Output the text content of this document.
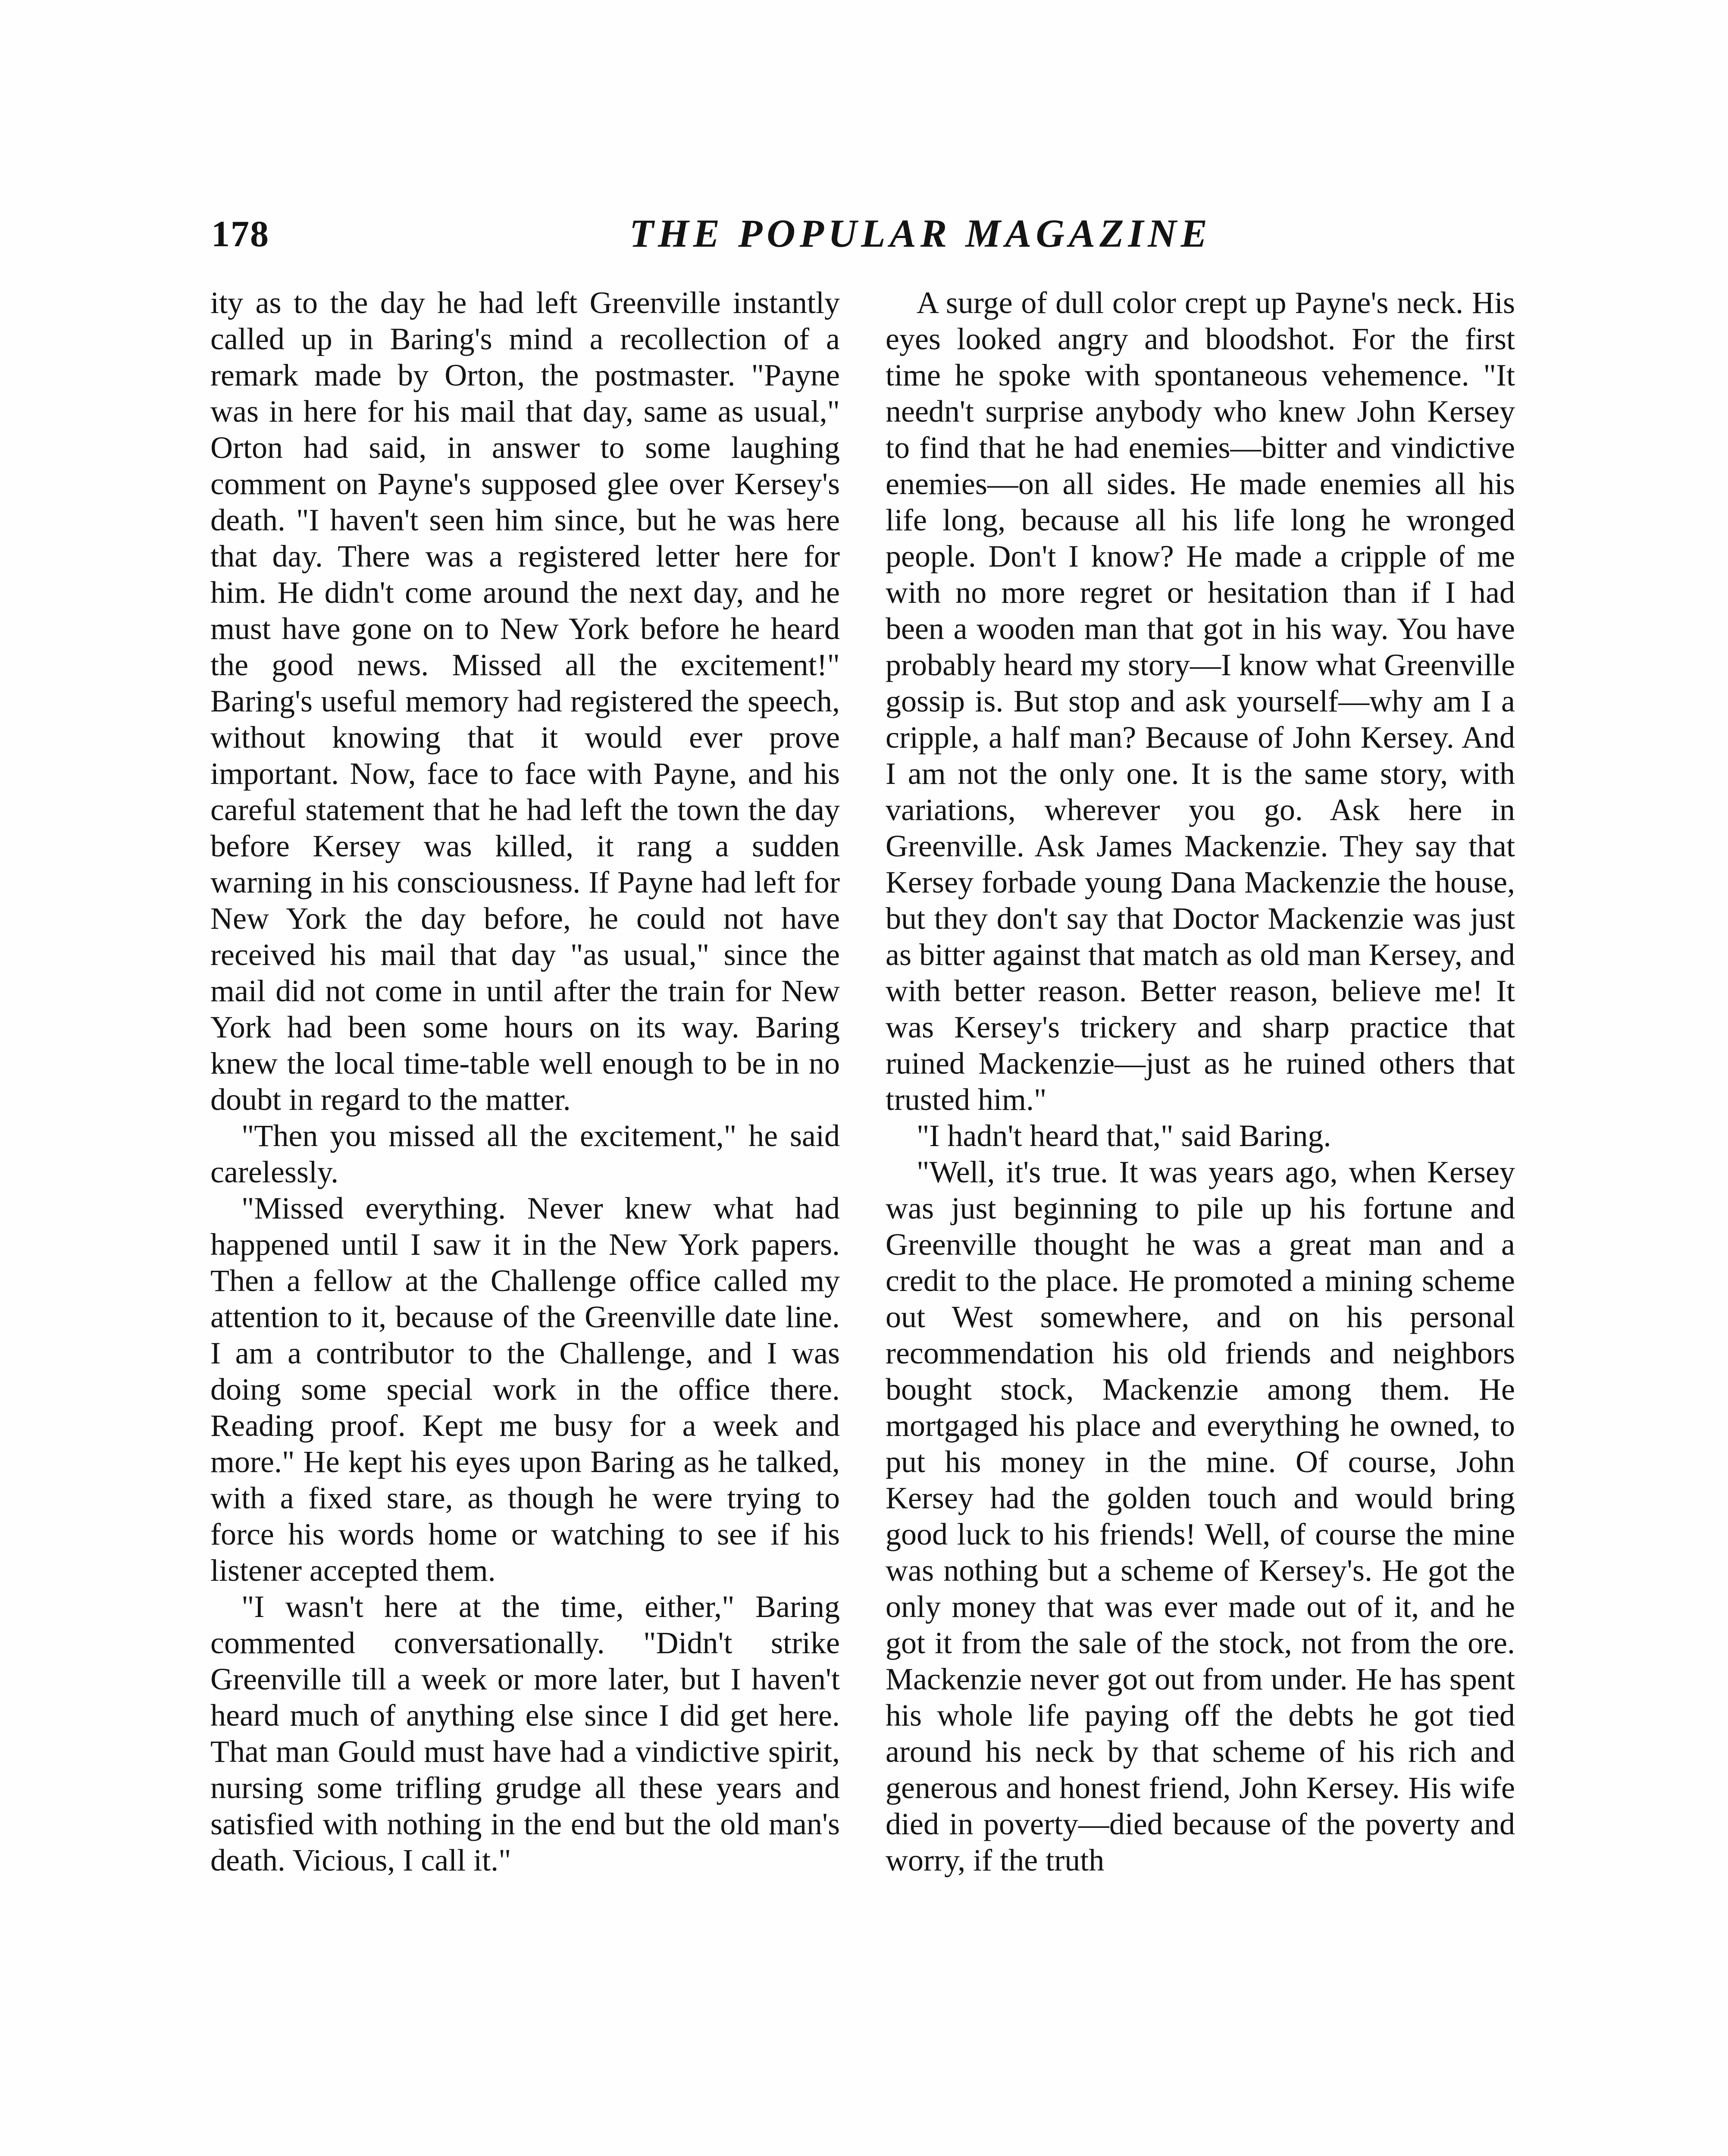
178	THE POPULAR MAGAZINE

ity as to the day he had left Greenville instantly called up in Baring's mind a recollection of a remark made by Orton, the postmaster. "Payne was in here for his mail that day, same as usual," Orton had said, in answer to some laughing comment on Payne's supposed glee over Kersey's death. "I haven't seen him since, but he was here that day. There was a registered letter here for him. He didn't come around the next day, and he must have gone on to New York before he heard the good news. Missed all the excitement!" Baring's useful memory had registered the speech, without knowing that it would ever prove important. Now, face to face with Payne, and his careful statement that he had left the town the day before Kersey was killed, it rang a sudden warning in his consciousness. If Payne had left for New York the day before, he could not have received his mail that day "as usual," since the mail did not come in until after the train for New York had been some hours on its way. Baring knew the local time-table well enough to be in no doubt in regard to the matter.

"Then you missed all the excitement," he said carelessly.

"Missed everything. Never knew what had happened until I saw it in the New York papers. Then a fellow at the Challenge office called my attention to it, because of the Greenville date line. I am a contributor to the Challenge, and I was doing some special work in the office there. Reading proof. Kept me busy for a week and more." He kept his eyes upon Baring as he talked, with a fixed stare, as though he were trying to force his words home or watching to see if his listener accepted them.

"I wasn't here at the time, either," Baring commented conversationally. "Didn't strike Greenville till a week or more later, but I haven't heard much of anything else since I did get here. That man Gould must have had a vindictive spirit, nursing some trifling grudge all these years and satisfied with nothing in the end but the old man's death. Vicious, I call it."

A surge of dull color crept up Payne's neck. His eyes looked angry and bloodshot. For the first time he spoke with spontaneous vehemence. "It needn't surprise anybody who knew John Kersey to find that he had enemies—bitter and vindictive enemies—on all sides. He made enemies all his life long, because all his life long he wronged people. Don't I know? He made a cripple of me with no more regret or hesitation than if I had been a wooden man that got in his way. You have probably heard my story—I know what Greenville gossip is. But stop and ask yourself—why am I a cripple, a half man? Because of John Kersey. And I am not the only one. It is the same story, with variations, wherever you go. Ask here in Greenville. Ask James Mackenzie. They say that Kersey forbade young Dana Mackenzie the house, but they don't say that Doctor Mackenzie was just as bitter against that match as old man Kersey, and with better reason. Better reason, believe me! It was Kersey's trickery and sharp practice that ruined Mackenzie—just as he ruined others that trusted him."

"I hadn't heard that," said Baring.

"Well, it's true. It was years ago, when Kersey was just beginning to pile up his fortune and Greenville thought he was a great man and a credit to the place. He promoted a mining scheme out West somewhere, and on his personal recommendation his old friends and neighbors bought stock, Mackenzie among them. He mortgaged his place and everything he owned, to put his money in the mine. Of course, John Kersey had the golden touch and would bring good luck to his friends! Well, of course the mine was nothing but a scheme of Kersey's. He got the only money that was ever made out of it, and he got it from the sale of the stock, not from the ore. Mackenzie never got out from under. He has spent his whole life paying off the debts he got tied around his neck by that scheme of his rich and generous and honest friend, John Kersey. His wife died in poverty—died because of the poverty and worry, if the truth
